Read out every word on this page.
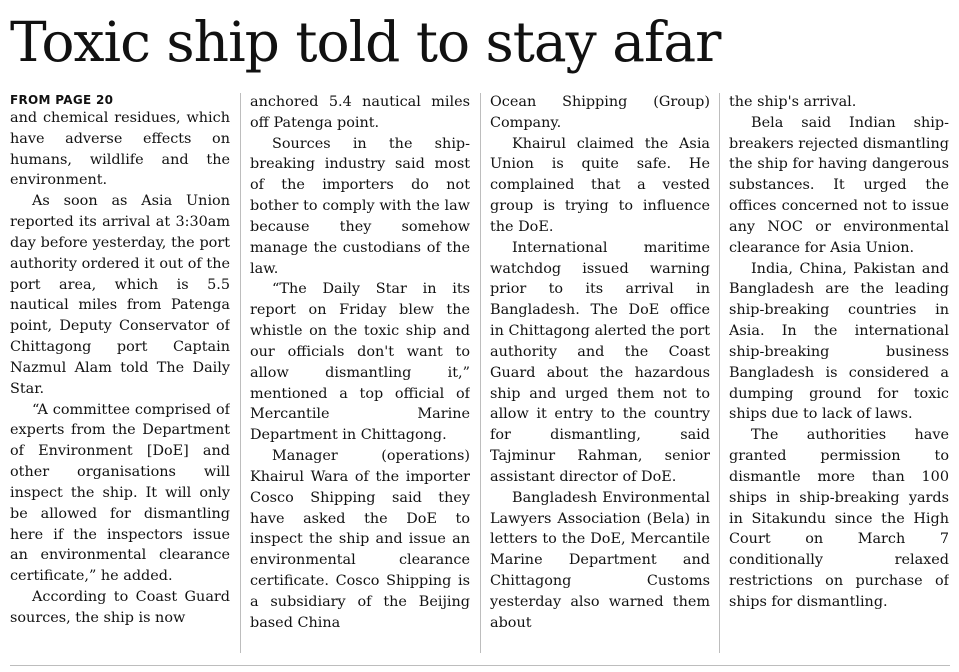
Toxic ship told to stay afar
FROM PAGE 20

and chemical residues, which have adverse effects on humans, wildlife and the environment.

As soon as Asia Union reported its arrival at 3:30am day before yesterday, the port authority ordered it out of the port area, which is 5.5 nautical miles from Patenga point, Deputy Conservator of Chittagong port Captain Nazmul Alam told The Daily Star.

“A committee comprised of experts from the Department of Environment [DoE] and other organisations will inspect the ship. It will only be allowed for dismantling here if the inspectors issue an environmental clearance certificate,” he added.

According to Coast Guard sources, the ship is now

anchored 5.4 nautical miles off Patenga point.

Sources in the ship-breaking industry said most of the importers do not bother to comply with the law because they somehow manage the custodians of the law.

“The Daily Star in its report on Friday blew the whistle on the toxic ship and our officials don't want to allow dismantling it,” mentioned a top official of Mercantile Marine Department in Chittagong.

Manager (operations) Khairul Wara of the importer Cosco Shipping said they have asked the DoE to inspect the ship and issue an environmental clearance certificate. Cosco Shipping is a subsidiary of the Beijing based China

Ocean Shipping (Group) Company.

Khairul claimed the Asia Union is quite safe. He complained that a vested group is trying to influence the DoE.

International maritime watchdog issued warning prior to its arrival in Bangladesh. The DoE office in Chittagong alerted the port authority and the Coast Guard about the hazardous ship and urged them not to allow it entry to the country for dismantling, said Tajminur Rahman, senior assistant director of DoE.

Bangladesh Environmental Lawyers Association (Bela) in letters to the DoE, Mercantile Marine Department and Chittagong Customs yesterday also warned them about

the ship's arrival.

Bela said Indian ship-breakers rejected dismantling the ship for having dangerous substances. It urged the offices concerned not to issue any NOC or environmental clearance for Asia Union.

India, China, Pakistan and Bangladesh are the leading ship-breaking countries in Asia. In the international ship-breaking business Bangladesh is considered a dumping ground for toxic ships due to lack of laws.

The authorities have granted permission to dismantle more than 100 ships in ship-breaking yards in Sitakundu since the High Court on March 7 conditionally relaxed restrictions on purchase of ships for dismantling.
